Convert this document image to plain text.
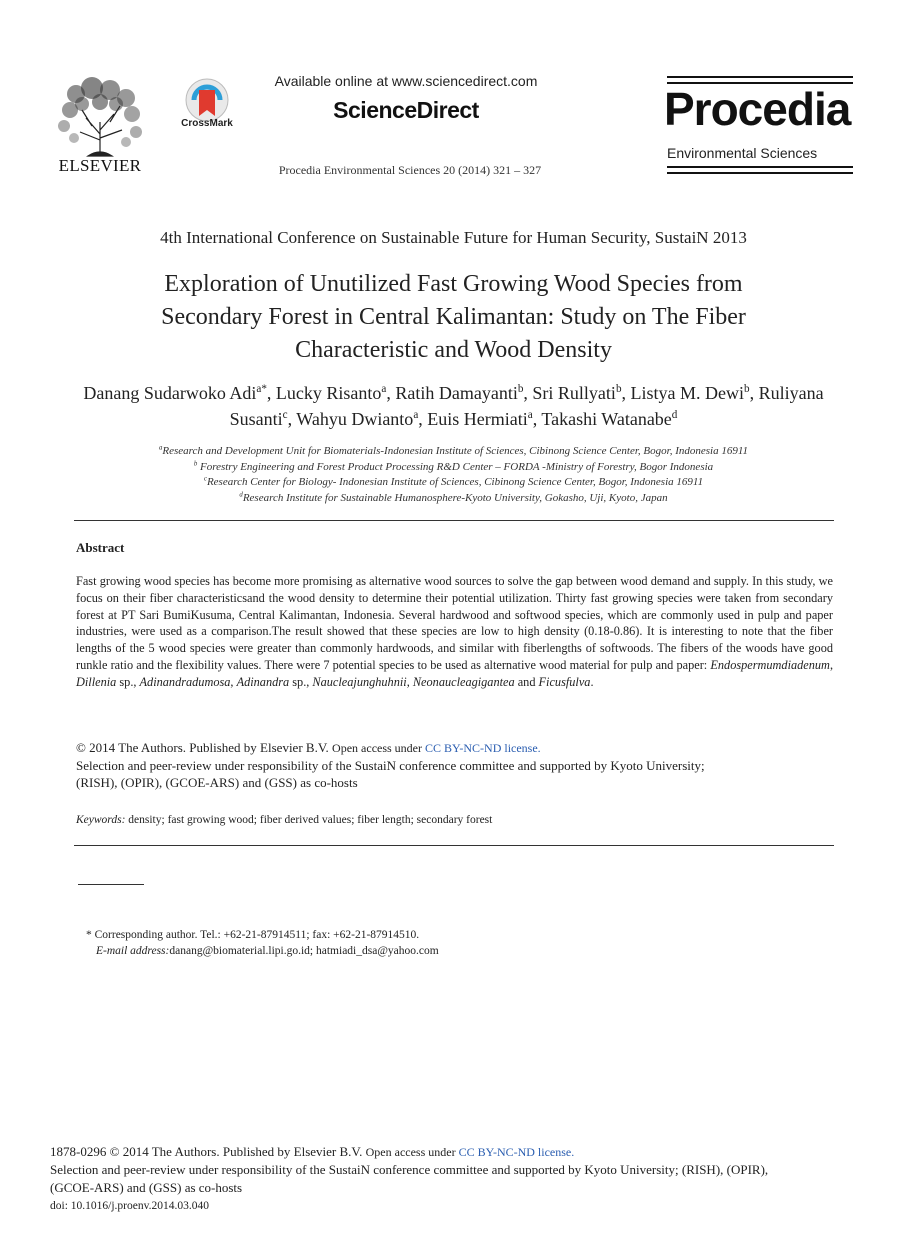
ELSEVIER
CrossMark
Available online at www.sciencedirect.com
ScienceDirect
Procedia Environmental Sciences 20 (2014) 321 – 327
Procedia
Environmental Sciences
4th International Conference on Sustainable Future for Human Security, SustaiN 2013
Exploration of Unutilized Fast Growing Wood Species from
Secondary Forest in Central Kalimantan: Study on The Fiber
Characteristic and Wood Density
Danang Sudarwoko Adi$^{a*}$, Lucky Risanto$^a$, Ratih Damayanti$^b$, Sri Rullyati$^b$, Listya M. Dewi$^b$, Ruliyana Susanti$^c$, Wahyu Dwianto$^a$, Euis Hermiati$^a$, Takashi Watanabe$^d$
$^a$Research and Development Unit for Biomaterials-Indonesian Institute of Sciences, Cibinong Science Center, Bogor, Indonesia 16911
$^b$ Forestry Engineering and Forest Product Processing R&D Center – FORDA -Ministry of Forestry, Bogor Indonesia
$^c$Research Center for Biology- Indonesian Institute of Sciences, Cibinong Science Center, Bogor, Indonesia 16911
$^d$Research Institute for Sustainable Humanosphere-Kyoto University, Gokasho, Uji, Kyoto, Japan
Abstract
Fast growing wood species has become more promising as alternative wood sources to solve the gap between wood demand and supply. In this study, we focus on their fiber characteristicsand the wood density to determine their potential utilization. Thirty fast growing species were taken from secondary forest at PT Sari BumiKusuma, Central Kalimantan, Indonesia. Several hardwood and softwood species, which are commonly used in pulp and paper industries, were used as a comparison.The result showed that these species are low to high density (0.18-0.86). It is interesting to note that the fiber lengths of the 5 wood species were greater than commonly hardwoods, and similar with fiberlengths of softwoods. The fibers of the woods have good runkle ratio and the flexibility values. There were 7 potential species to be used as alternative wood material for pulp and paper: Endospermumdiadenum, Dillenia sp., Adinandradumosa, Adinandra sp., Naucleajunghuhnii, Neonaucleagigantea and Ficusfulva.
© 2014 The Authors. Published by Elsevier B.V. Open access under CC BY-NC-ND license.
Selection and peer-review under responsibility of the SustaiN conference committee and supported by Kyoto University;
(RISH), (OPIR), (GCOE-ARS) and (GSS) as co-hosts
Keywords: density; fast growing wood; fiber derived values; fiber length; secondary forest
* Corresponding author. Tel.: +62-21-87914511; fax: +62-21-87914510.
E-mail address:danang@biomaterial.lipi.go.id; hatmiadi_dsa@yahoo.com
1878-0296 © 2014 The Authors. Published by Elsevier B.V. Open access under CC BY-NC-ND license.
Selection and peer-review under responsibility of the SustaiN conference committee and supported by Kyoto University; (RISH), (OPIR),
(GCOE-ARS) and (GSS) as co-hosts
doi: 10.1016/j.proenv.2014.03.040
